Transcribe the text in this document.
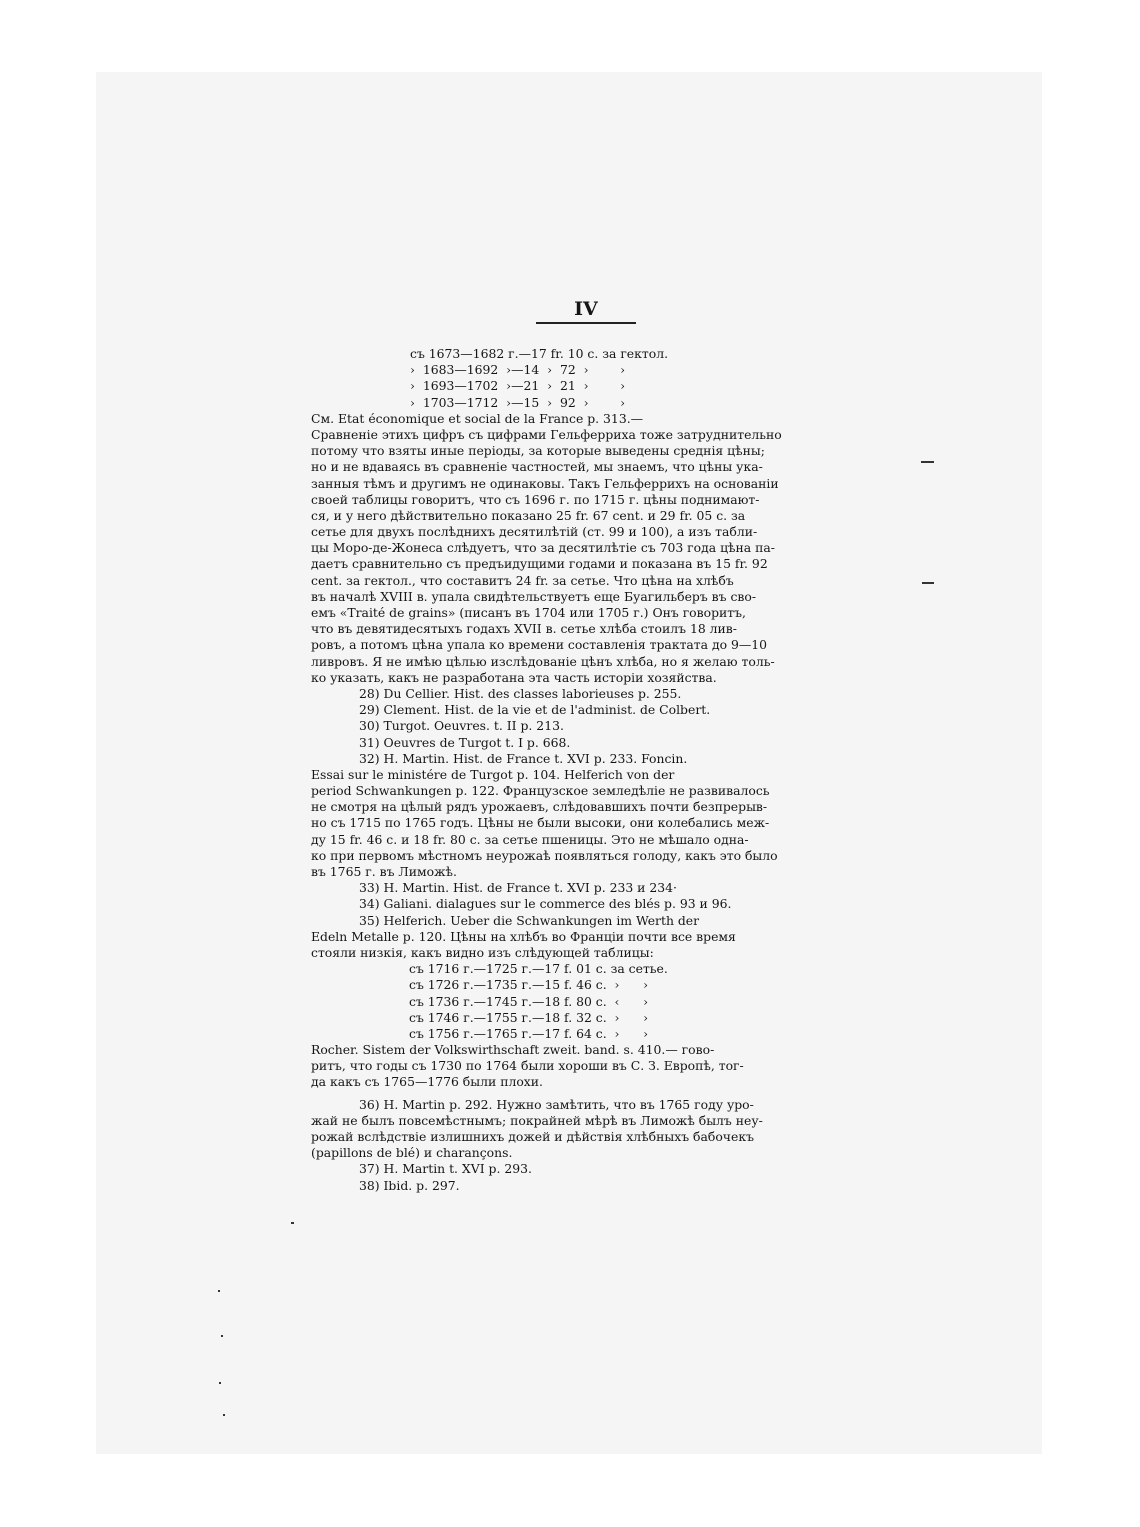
IV
съ 1673—1682 г.—17 fr. 10 c. за гектол.
›  1683—1692  ›—14  ›  72  ›        ›
›  1693—1702  ›—21  ›  21  ›        ›
›  1703—1712  ›—15  ›  92  ›        ›
См. Etat économique et social de la France p. 313.—
Сравненіе этихъ цифръ съ цифрами Гельферриха тоже затруднительно
потому что взяты иные періоды, за которые выведены среднія цѣны;
но и не вдаваясь въ сравненіе частностей, мы знаемъ, что цѣны ука-
занныя тѣмъ и другимъ не одинаковы. Такъ Гельферрихъ на основаніи
своей таблицы говоритъ, что съ 1696 г. по 1715 г. цѣны поднимают-
ся, и у него дѣйствительно показано 25 fr. 67 cent. и 29 fr. 05 c. за
сетье для двухъ послѣднихъ десятилѣтій (ст. 99 и 100), а изъ табли-
цы Моро-де-Жонеса слѣдуетъ, что за десятилѣтіе съ 703 года цѣна па-
даетъ сравнительно съ предъидущими годами и показана въ 15 fr. 92
cent. за гектол., что составитъ 24 fr. за сетье. Что цѣна на хлѣбъ
въ началѣ XVIII в. упала свидѣтельствуетъ еще Буагильберъ въ сво-
емъ «Traité de grains» (писанъ въ 1704 или 1705 г.) Онъ говоритъ,
что въ девятидесятыхъ годахъ XVII в. сетье хлѣба стоилъ 18 лив-
ровъ, а потомъ цѣна упала ко времени составленія трактата до 9—10
ливровъ. Я не имѣю цѣлью изслѣдованіе цѣнъ хлѣба, но я желаю толь-
ко указать, какъ не разработана эта часть исторіи хозяйства.
28) Du Cellier. Hist. des classes laborieuses p. 255.
29) Clement. Hist. de la vie et de l'administ. de Colbert.
30) Turgot. Oeuvres. t. II p. 213.
31) Oeuvres de Turgot t. I p. 668.
32) H. Martin. Hist. de France t. XVI p. 233. Foncin.
Essai sur le ministére de Turgot p. 104. Helferich von der
period Schwankungen p. 122. Французское земледѣліе не развивалось
не смотря на цѣлый рядъ урожаевъ, слѣдовавшихъ почти безпрерыв-
но съ 1715 по 1765 годъ. Цѣны не были высоки, они колебались меж-
ду 15 fr. 46 c. и 18 fr. 80 c. за сетье пшеницы. Это не мѣшало одна-
ко при первомъ мѣстномъ неурожаѣ появляться голоду, какъ это было
въ 1765 г. въ Лиможѣ.
33) H. Martin. Hist. de France t. XVI p. 233 и 234·
34) Galiani. dialagues sur le commerce des blés p. 93 и 96.
35) Helferich. Ueber die Schwankungen im Werth der
Edeln Metalle p. 120. Цѣны на хлѣбъ во Франціи почти все время
стояли низкія, какъ видно изъ слѣдующей таблицы:
съ 1716 г.—1725 г.—17 f. 01 c. за сетье.
съ 1726 г.—1735 г.—15 f. 46 c.  ›      ›
съ 1736 г.—1745 г.—18 f. 80 c.  ‹      ›
съ 1746 г.—1755 г.—18 f. 32 c.  ›      ›
съ 1756 г.—1765 г.—17 f. 64 c.  ›      ›
Rocher. Sistem der Volkswirthschaft zweit. band. s. 410.— гово-
ритъ, что годы съ 1730 по 1764 были хороши въ С. З. Европѣ, тог-
да какъ съ 1765—1776 были плохи.
36) H. Martin p. 292. Нужно замѣтить, что въ 1765 году уро-
жай не былъ повсемѣстнымъ; покрайней мѣрѣ въ Лиможѣ былъ неу-
рожай вслѣдствіе излишнихъ дожей и дѣйствія хлѣбныхъ бабочекъ
(papillons de blé) и charançons.
37) H. Martin t. XVI p. 293.
38) Ibid. p. 297.
